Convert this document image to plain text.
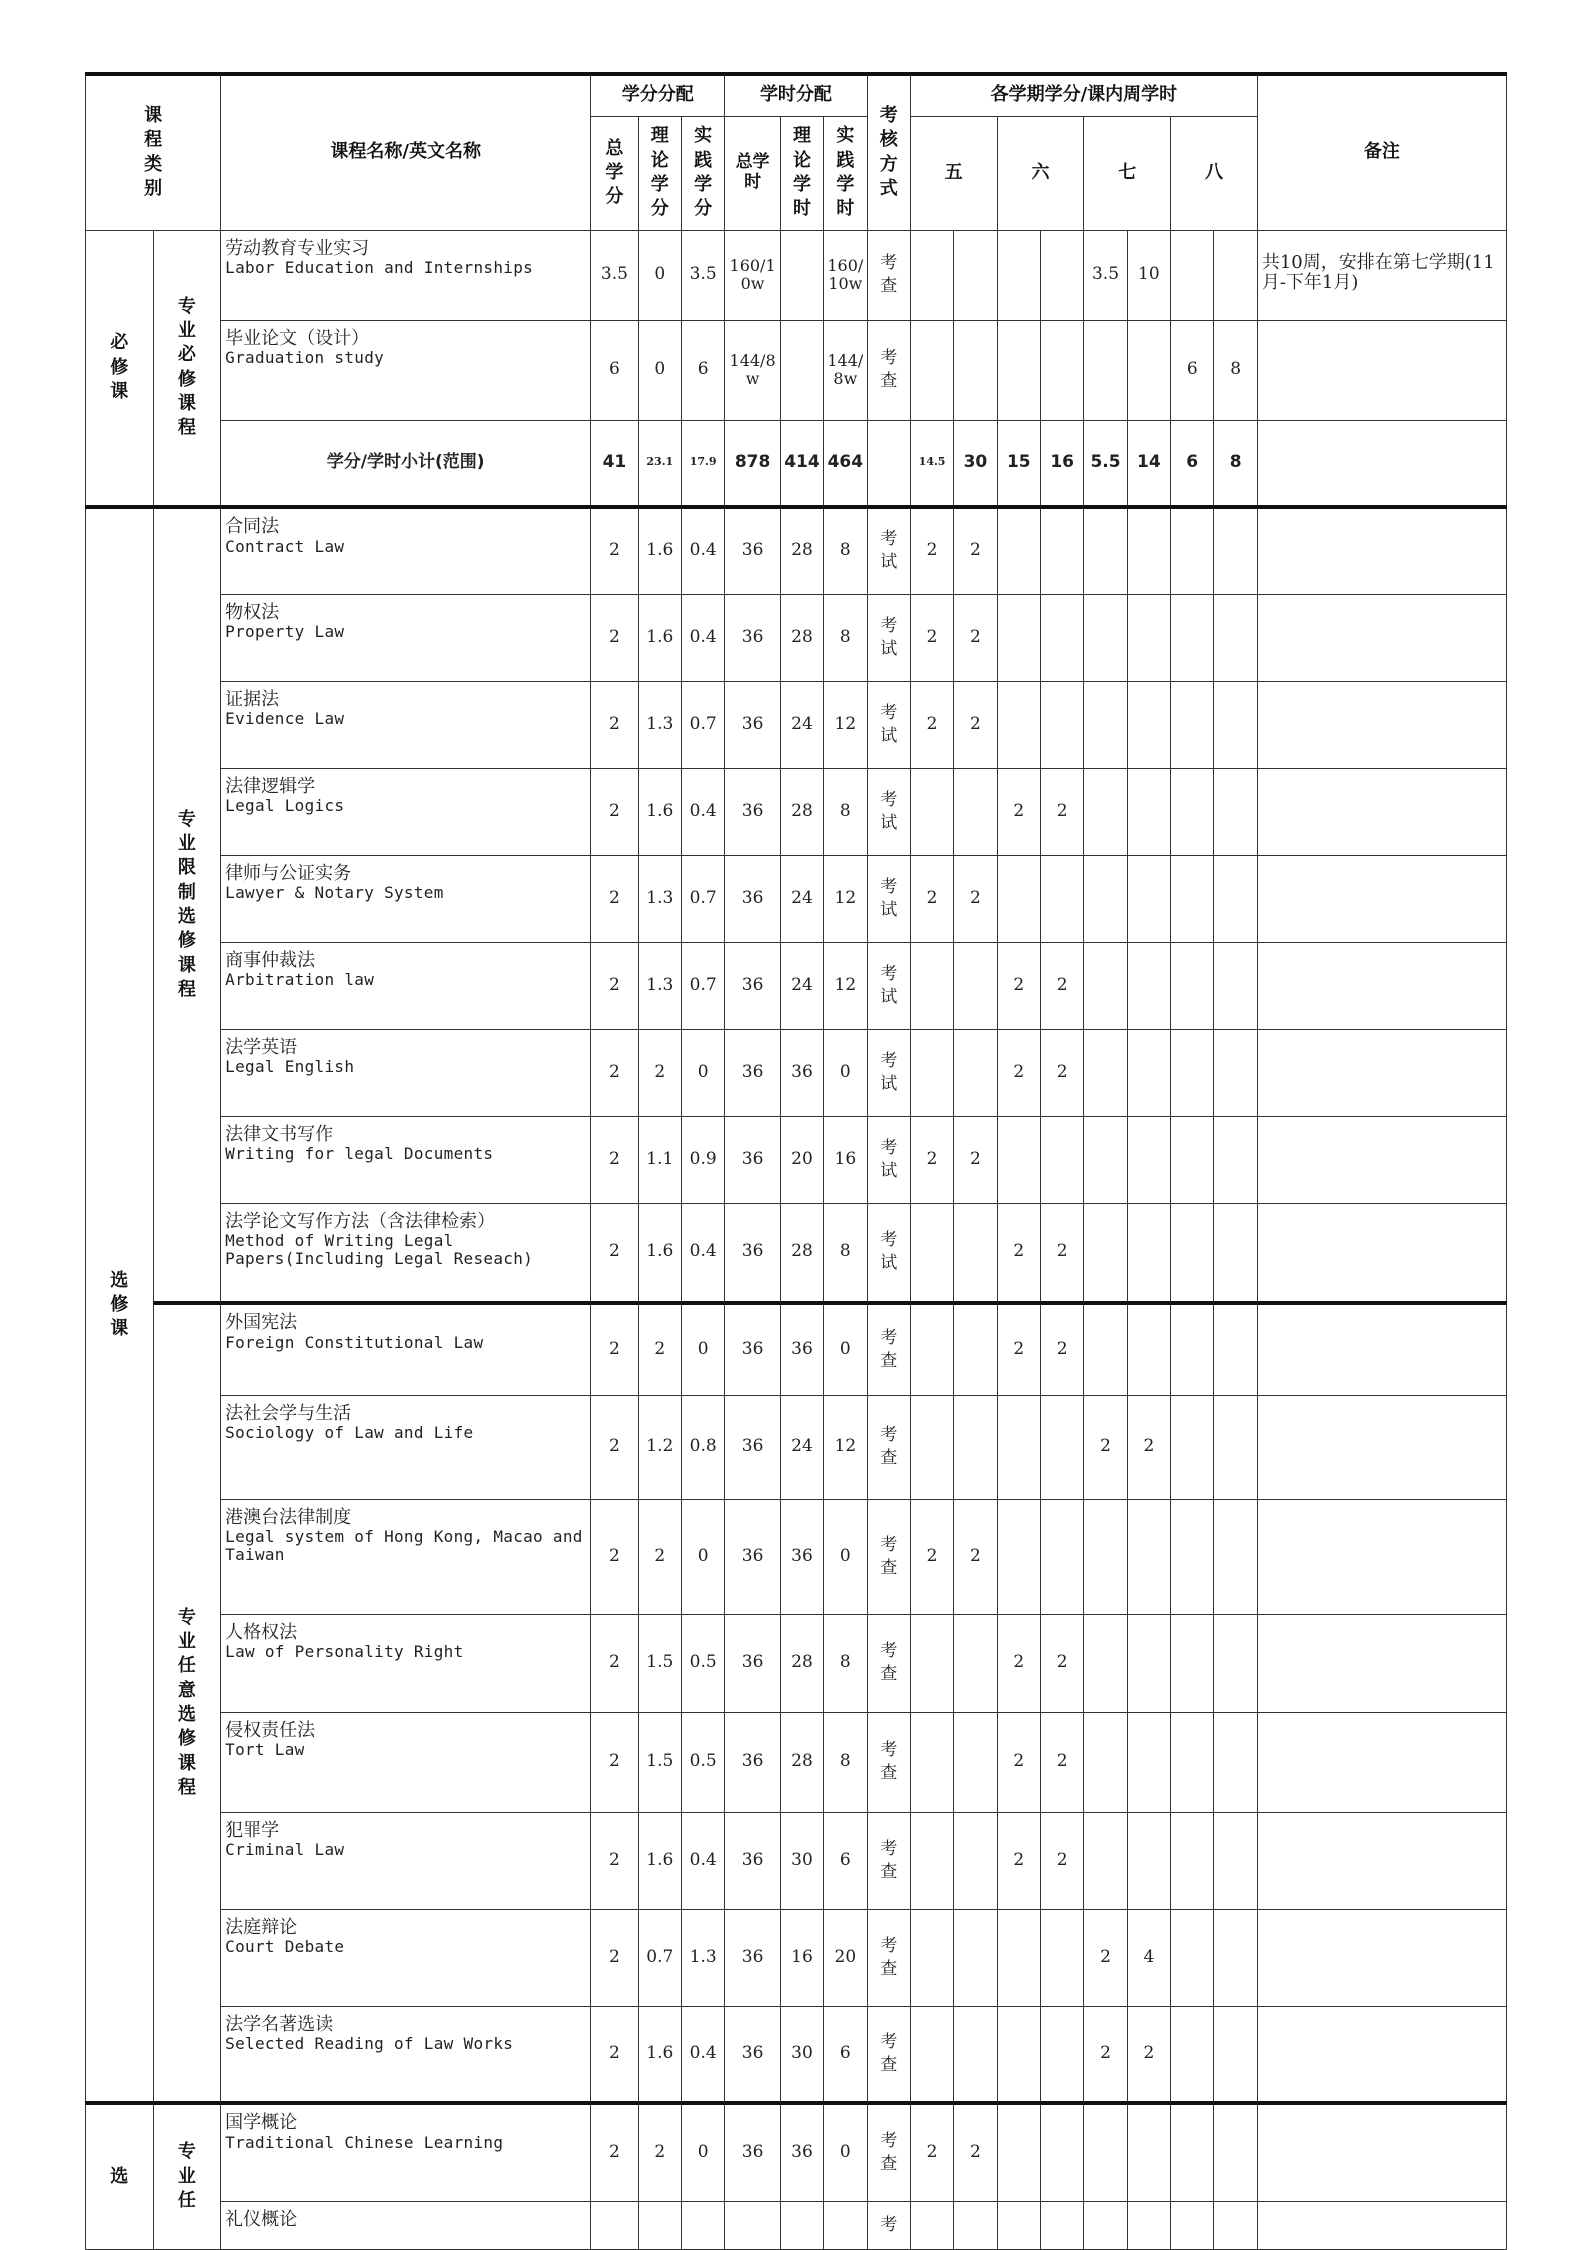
课程类别		课程名称/英文名称	学分分配			学时分配			考核方式	各学期学分/课内周学时								备注
			总学分	理论学分	实践学分	总学时	理论学时	实践学时		五		六		七		八		
必修课	专业必修课程	劳动教育专业实习
Labor Education and Internships	3.5	0	3.5	160/10w		160/10w	考查					3.5	10			共10周，安排在第七学期(11月-下年1月)

		毕业论文（设计）
Graduation study	6	0	6	144/8w		144/8w	考查							6	8	
		学分/学时小计(范围)	41	23.1	17.9	878	414	464		14.5	30	15	16	5.5	14	6	8	
选修课	专业限制选修课程	合同法
Contract Law	2	1.6	0.4	36	28	8	考试	2	2							

		物权法
Property Law	2	1.6	0.4	36	28	8	考试	2	2							

		证据法
Evidence Law	2	1.3	0.7	36	24	12	考试	2	2							

		法律逻辑学
Legal Logics	2	1.6	0.4	36	28	8	考试			2	2					

		律师与公证实务
Lawyer & Notary System	2	1.3	0.7	36	24	12	考试	2	2							

		商事仲裁法
Arbitration law	2	1.3	0.7	36	24	12	考试			2	2					

		法学英语
Legal English	2	2	0	36	36	0	考试			2	2					

		法律文书写作
Writing for legal Documents	2	1.1	0.9	36	20	16	考试	2	2							

		法学论文写作方法（含法律检索）
Method of Writing Legal Papers(Including Legal Reseach)	2	1.6	0.4	36	28	8	考试			2	2					
	专业任意选修课程	外国宪法
Foreign Constitutional Law	2	2	0	36	36	0	考查			2	2					

		法社会学与生活
Sociology of Law and Life	2	1.2	0.8	36	24	12	考查					2	2			

		港澳台法律制度
Legal system of Hong Kong, Macao and Taiwan	2	2	0	36	36	0	考查	2	2							

		人格权法
Law of Personality Right	2	1.5	0.5	36	28	8	考查			2	2					

		侵权责任法
Tort Law	2	1.5	0.5	36	28	8	考查			2	2					

		犯罪学
Criminal Law	2	1.6	0.4	36	30	6	考查			2	2					

		法庭辩论
Court Debate	2	0.7	1.3	36	16	20	考查					2	4			

		法学名著选读
Selected Reading of Law Works	2	1.6	0.4	36	30	6	考查					2	2			
选	专业任	国学概论
Traditional Chinese Learning	2	2	0	36	36	0	考查	2	2							

		礼仪概论							考									
